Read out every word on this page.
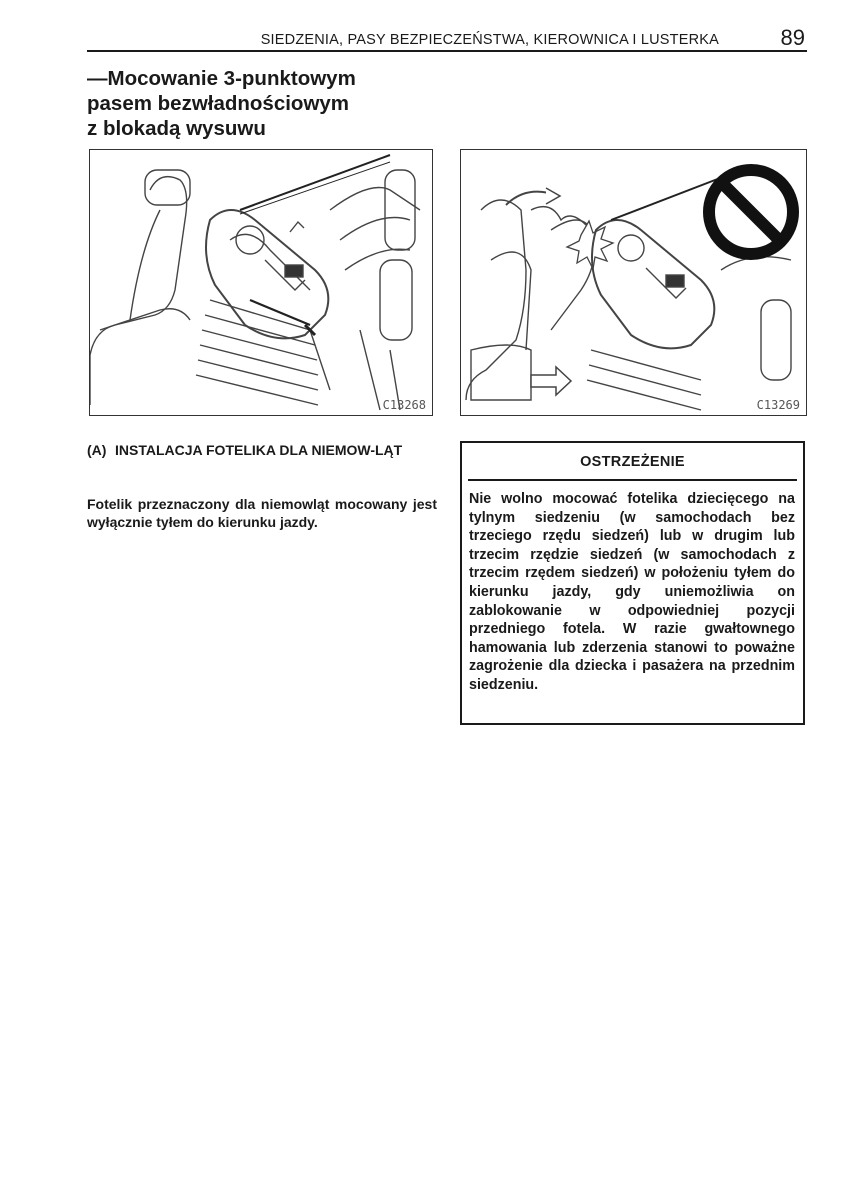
SIEDZENIA, PASY BEZPIECZEŃSTWA, KIEROWNICA I LUSTERKA	89
—Mocowanie 3-punktowym
pasem bezwładnościowym
z blokadą wysuwu
C13268	C13269
(A) INSTALACJA FOTELIKA DLA NIEMOW-LĄT

Fotelik przeznaczony dla niemowląt mocowany jest wyłącznie tyłem do kierunku jazdy.

OSTRZEŻENIE
Nie wolno mocować fotelika dziecięcego na tylnym siedzeniu (w samochodach bez trzeciego rzędu siedzeń) lub w drugim lub trzecim rzędzie siedzeń (w samochodach z trzecim rzędem siedzeń) w położeniu tyłem do kierunku jazdy, gdy uniemożliwia on zablokowanie w odpowiedniej pozycji przedniego fotela. W razie gwałtownego hamowania lub zderzenia stanowi to poważne zagrożenie dla dziecka i pasażera na przednim siedzeniu.
